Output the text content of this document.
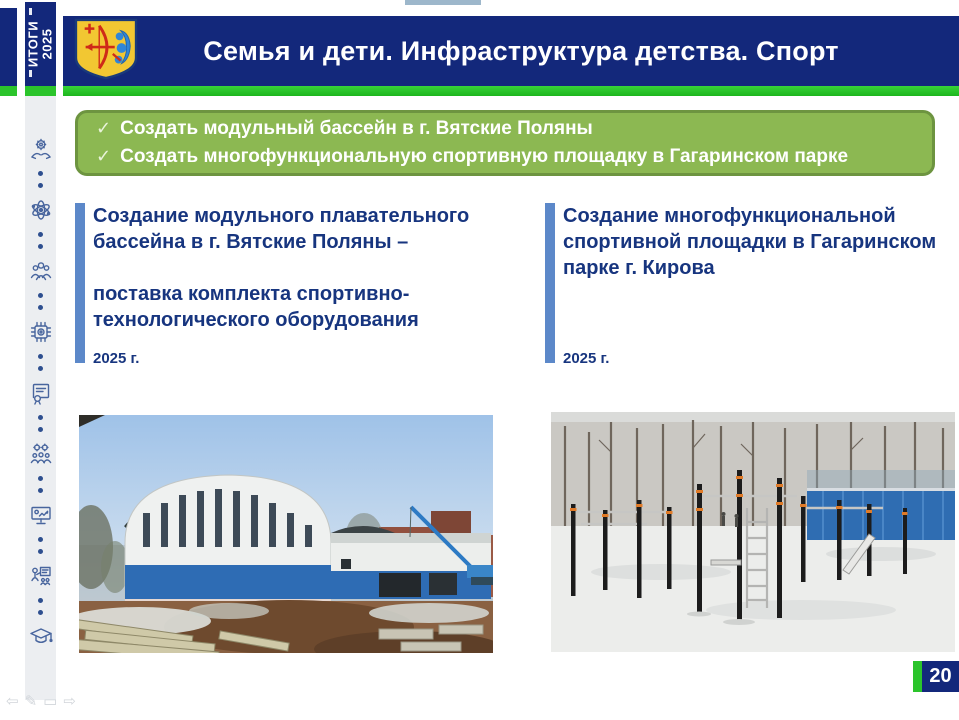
ИТОГИ
2025	Семья и дети. Инфраструктура детства. Спорт
✓ Создать модульный бассейн в г. Вятские Поляны
✓ Создать многофункциональную спортивную площадку в Гагаринском парке
Создание модульного плавательного бассейна в г. Вятские Поляны –
поставка комплекта спортивно-технологического оборудования
2025 г.
Создание многофункциональной спортивной площадки в Гагаринском парке г. Кирова
2025 г.
20
⇦ ✎ ▭ ⇨
